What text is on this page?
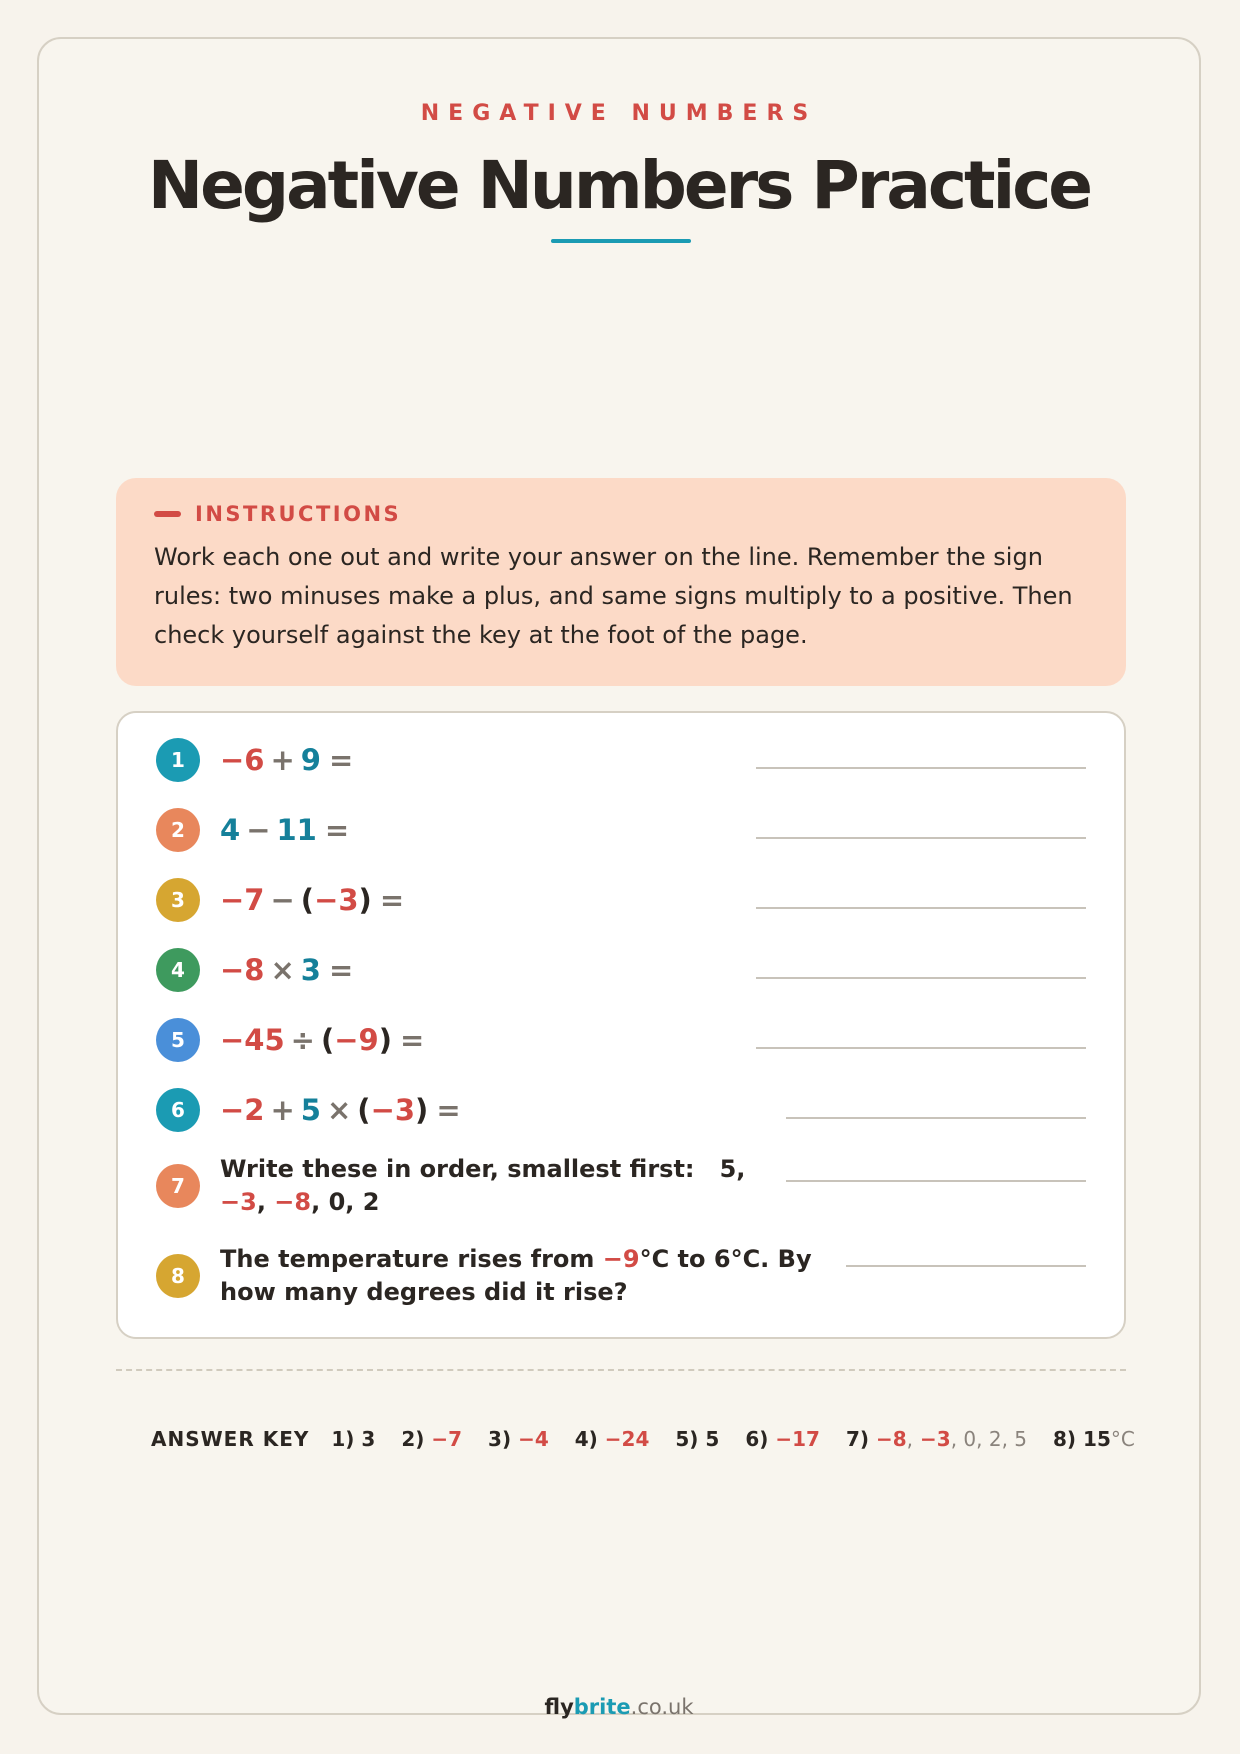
NEGATIVE NUMBERS
Negative Numbers Practice
INSTRUCTIONS
Work each one out and write your answer on the line. Remember the sign rules: two minuses make a plus, and same signs multiply to a positive. Then check yourself against the key at the foot of the page.
1	−6 + 9 =
2	4 − 11 =
3	−7 − ( −3 ) =
4	−8 × 3 =
5	−45 ÷ ( −9 ) =
6	−2 + 5 × ( −3 ) =
7
Write these in order, smallest first: 5, −3, −8, 0, 2
8
The temperature rises from −9°C to 6°C. By how many degrees did it rise?
ANSWER KEY 1) 3 2) −7 3) −4 4) −24 5) 5 6) −17 7) −8, −3, 0, 2, 5 8) 15°C
flybrite.co.uk
